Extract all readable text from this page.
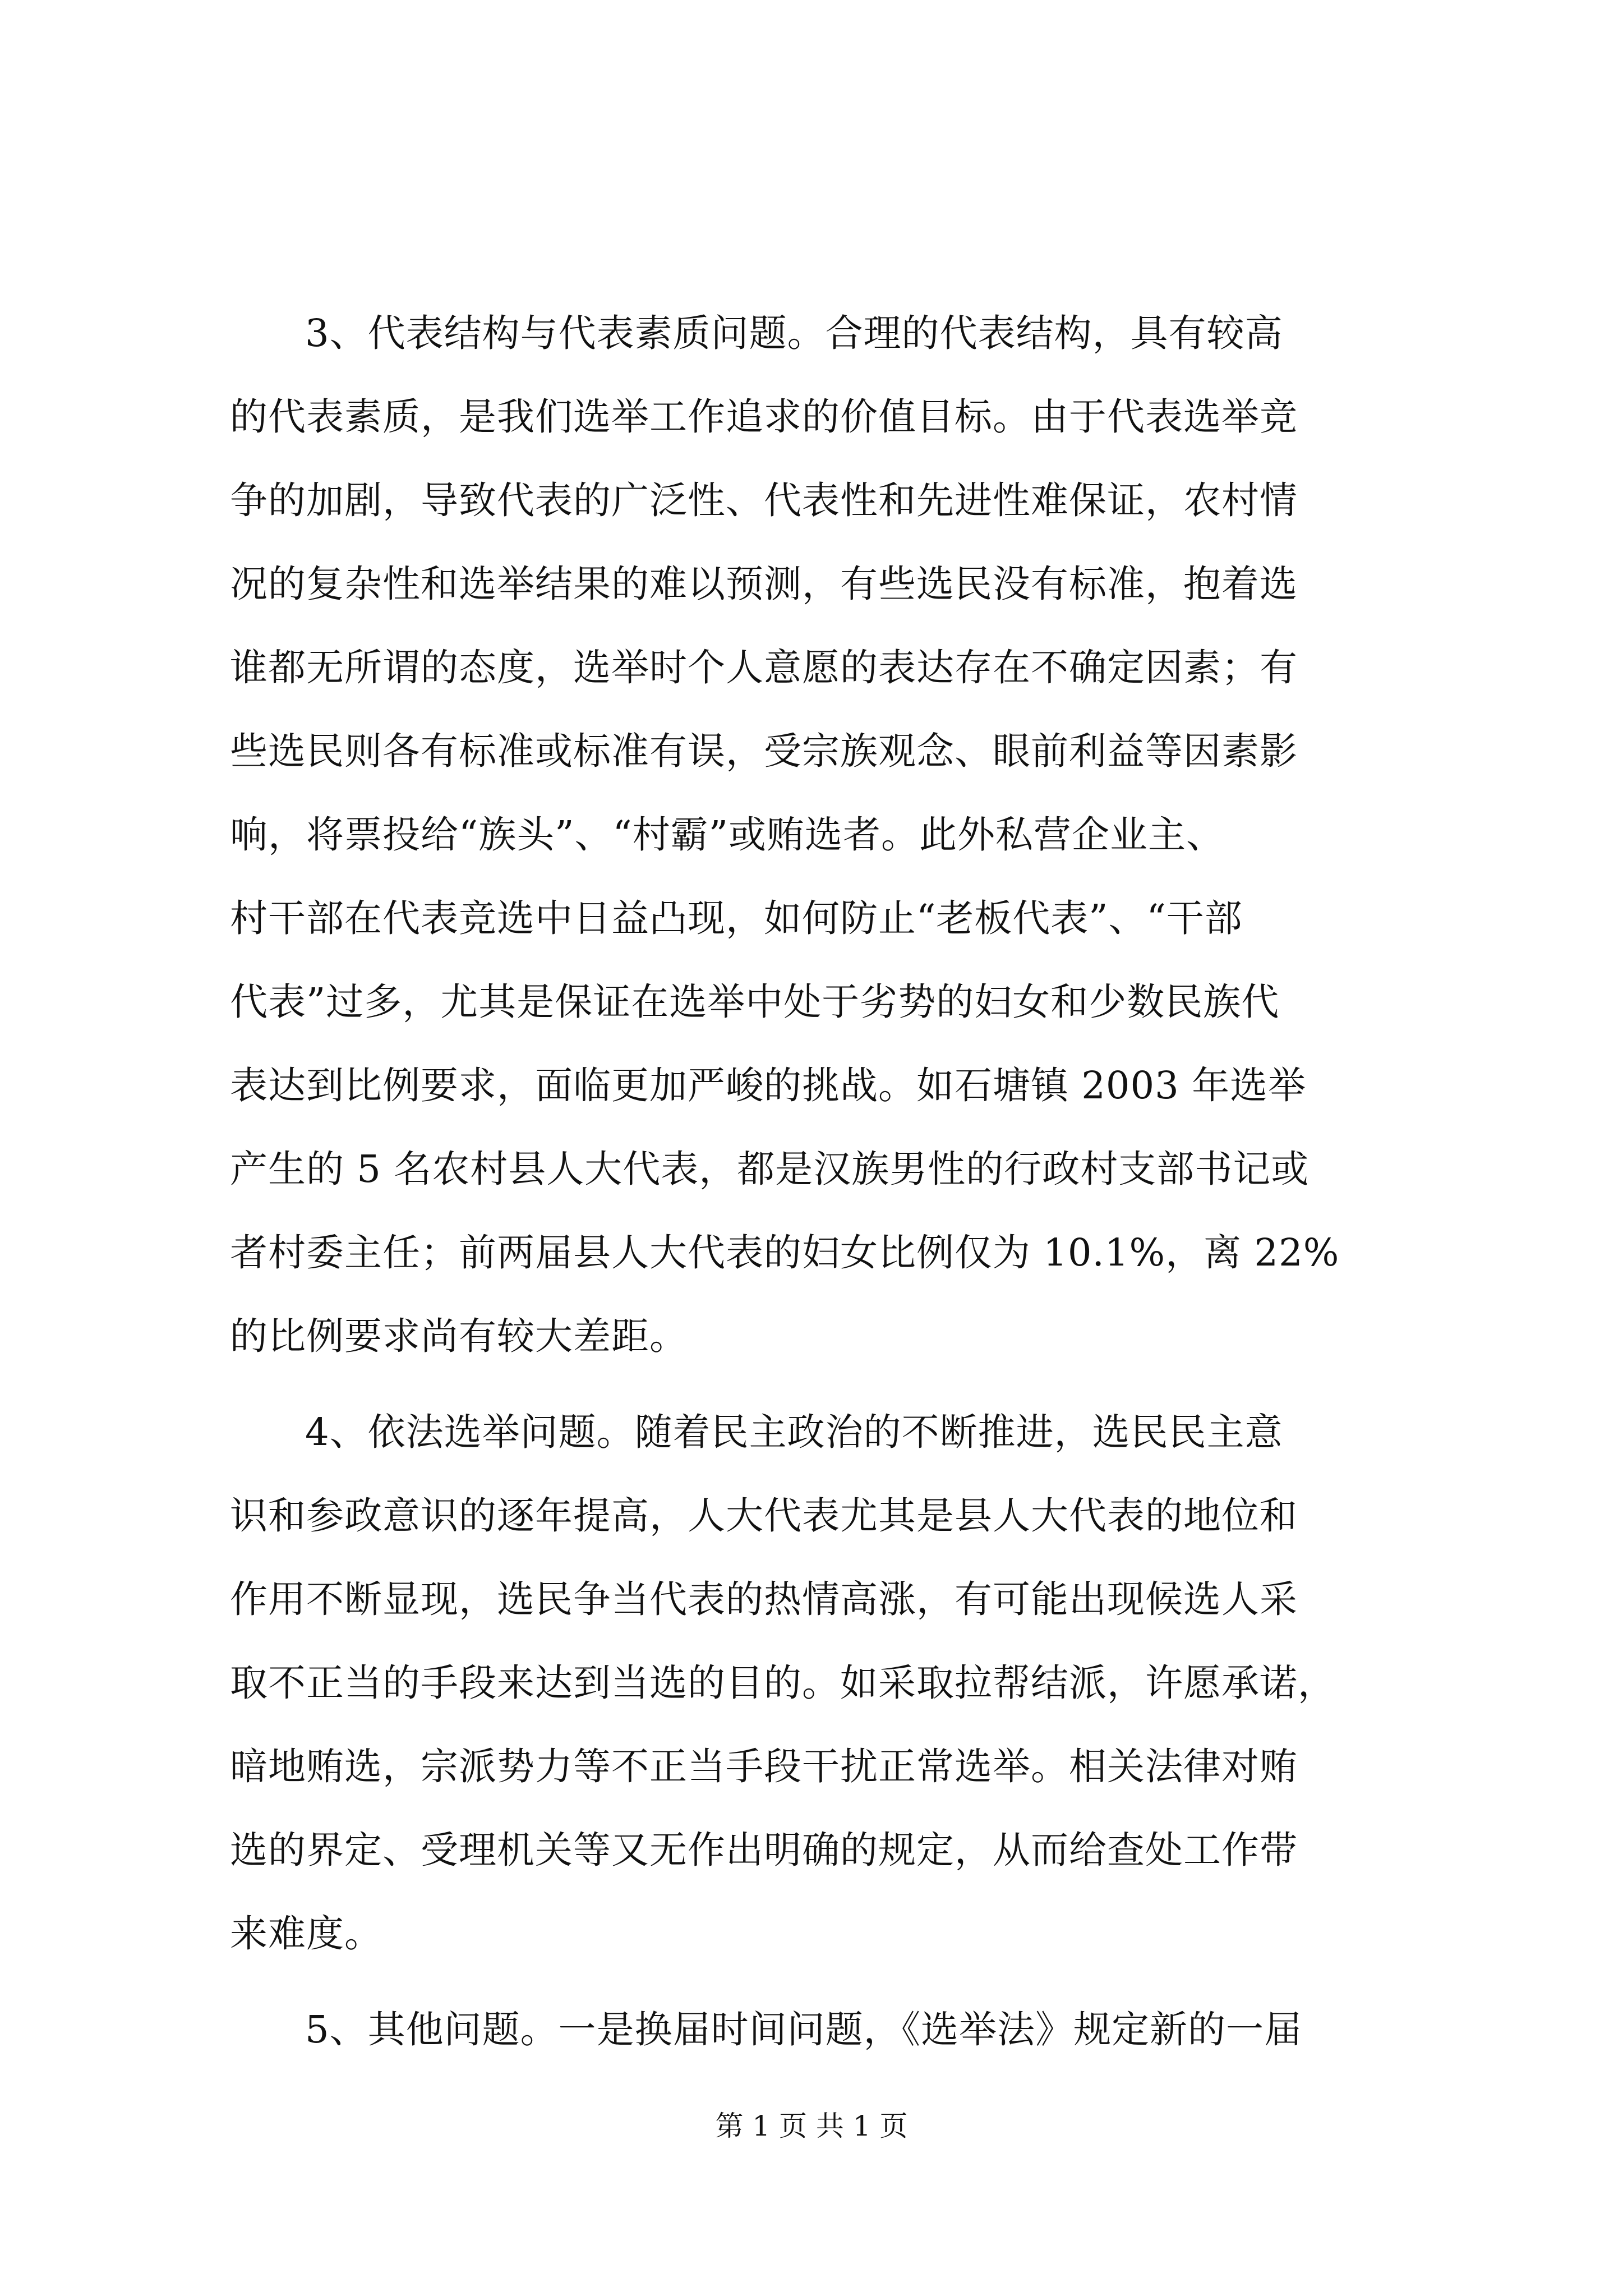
3、代表结构与代表素质问题。合理的代表结构，具有较高
的代表素质，是我们选举工作追求的价值目标。由于代表选举竞
争的加剧，导致代表的广泛性、代表性和先进性难保证，农村情
况的复杂性和选举结果的难以预测，有些选民没有标准，抱着选
谁都无所谓的态度，选举时个人意愿的表达存在不确定因素；有
些选民则各有标准或标准有误，受宗族观念、眼前利益等因素影
响，将票投给“族头”、“村霸”或贿选者。此外私营企业主、
村干部在代表竞选中日益凸现，如何防止“老板代表”、“干部
代表”过多，尤其是保证在选举中处于劣势的妇女和少数民族代
表达到比例要求，面临更加严峻的挑战。如石塘镇 2003 年选举
产生的 5 名农村县人大代表，都是汉族男性的行政村支部书记或
者村委主任；前两届县人大代表的妇女比例仅为 10.1%，离 22%
的比例要求尚有较大差距。
4、依法选举问题。随着民主政治的不断推进，选民民主意
识和参政意识的逐年提高，人大代表尤其是县人大代表的地位和
作用不断显现，选民争当代表的热情高涨，有可能出现候选人采
取不正当的手段来达到当选的目的。如采取拉帮结派，许愿承诺，
暗地贿选，宗派势力等不正当手段干扰正常选举。相关法律对贿
选的界定、受理机关等又无作出明确的规定，从而给查处工作带
来难度。
5、其他问题。一是换届时间问题，《选举法》规定新的一届
第 1 页 共 1 页
